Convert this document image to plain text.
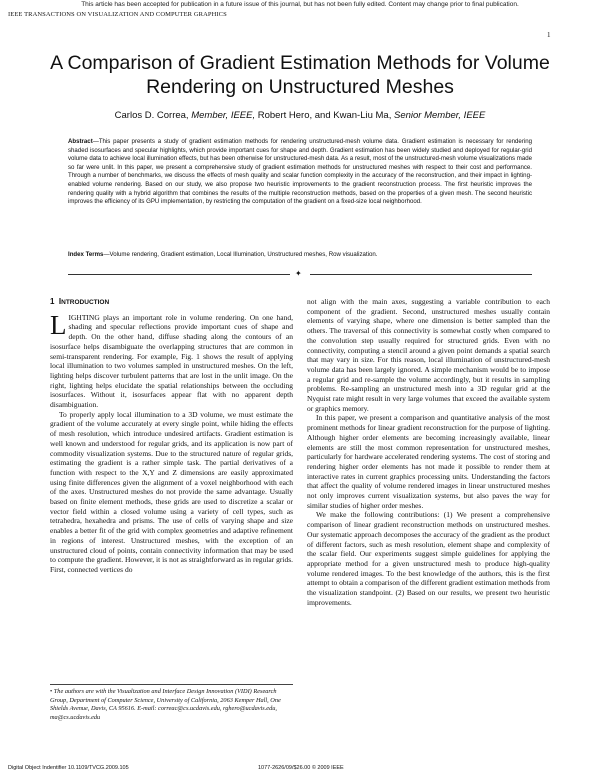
This article has been accepted for publication in a future issue of this journal, but has not been fully edited. Content may change prior to final publication.
IEEE TRANSACTIONS ON VISUALIZATION AND COMPUTER GRAPHICS
1
A Comparison of Gradient Estimation Methods for Volume
Rendering on Unstructured Meshes
Carlos D. Correa, Member, IEEE, Robert Hero, and Kwan-Liu Ma, Senior Member, IEEE
Abstract—This paper presents a study of gradient estimation methods for rendering unstructured-mesh volume data. Gradient estimation is necessary for rendering shaded isosurfaces and specular highlights, which provide important cues for shape and depth. Gradient estimation has been widely studied and deployed for regular-grid volume data to achieve local illumination effects, but has been otherwise for unstructured-mesh data. As a result, most of the unstructured-mesh volume visualizations made so far were unlit. In this paper, we present a comprehensive study of gradient estimation methods for unstructured meshes with respect to their cost and performance. Through a number of benchmarks, we discuss the effects of mesh quality and scalar function complexity in the accuracy of the reconstruction, and their impact in lighting-enabled volume rendering. Based on our study, we also propose two heuristic improvements to the gradient reconstruction process. The first heuristic improves the rendering quality with a hybrid algorithm that combines the results of the multiple reconstruction methods, based on the properties of a given mesh. The second heuristic improves the efficiency of its GPU implementation, by restricting the computation of the gradient on a fixed-size local neighborhood.
Index Terms—Volume rendering, Gradient estimation, Local Illumination, Unstructured meshes, Row visualization.
✦
1 INTRODUCTION

LIGHTING plays an important role in volume rendering. On one hand, shading and specular reflections provide important cues of shape and depth. On the other hand, diffuse shading along the contours of an isosurface helps disambiguate the overlapping structures that are common in semi-transparent rendering. For example, Fig. 1 shows the result of applying local illumination to two volumes sampled in unstructured meshes. On the left, lighting helps discover turbulent patterns that are lost in the unlit image. On the right, lighting helps elucidate the spatial relationships between the occluding isosurfaces. Without it, isosurfaces appear flat with no apparent depth disambiguation.

To properly apply local illumination to a 3D volume, we must estimate the gradient of the volume accurately at every single point, while hiding the effects of mesh resolution, which introduce undesired artifacts. Gradient estimation is well known and understood for regular grids, and its application is now part of commodity visualization systems. Due to the structured nature of regular grids, estimating the gradient is a rather simple task. The partial derivatives of a function with respect to the X,Y and Z dimensions are easily approximated using finite differences given the alignment of a voxel neighborhood with each of the axes. Unstructured meshes do not provide the same advantage. Usually based on finite element methods, these grids are used to discretize a scalar or vector field within a closed volume using a variety of cell types, such as tetrahedra, hexahedra and prisms. The use of cells of varying shape and size enables a better fit of the grid with complex geometries and adaptive refinement in regions of interest. Unstructured meshes, with the exception of an unstructured cloud of points, contain connectivity information that may be used to compute the gradient. However, it is not as straightforward as in regular grids. First, connected vertices do

• The authors are with the Visualization and Interface Design Innovation (VIDI) Research Group, Department of Computer Science, University of California, 2063 Kemper Hall, One Shields Avenue, Davis, CA 95616. E-mail: correac@cs.ucdavis.edu, rghero@ucdavis.edu, ma@cs.ucdavis.edu

not align with the main axes, suggesting a variable contribution to each component of the gradient. Second, unstructured meshes usually contain elements of varying shape, where one dimension is better sampled than the others. The traversal of this connectivity is somewhat costly when compared to the convolution step usually required for structured grids. Even with no connectivity, computing a stencil around a given point demands a spatial search that may vary in size. For this reason, local illumination of unstructured-mesh volume data has been largely ignored. A simple mechanism would be to impose a regular grid and re-sample the volume accordingly, but it results in sampling problems. Re-sampling an unstructured mesh into a 3D regular grid at the Nyquist rate might result in very large volumes that exceed the available system or graphics memory.

In this paper, we present a comparison and quantitative analysis of the most prominent methods for linear gradient reconstruction for the purpose of lighting. Although higher order elements are becoming increasingly available, linear elements are still the most common representation for unstructured meshes, particularly for hardware accelerated rendering systems. The cost of storing and rendering higher order elements has not made it possible to render them at interactive rates in current graphics processing units. Understanding the factors that affect the quality of volume rendered images in linear unstructured meshes not only improves current visualization systems, but also paves the way for similar studies of higher order meshes.

We make the following contributions: (1) We present a comprehensive comparison of linear gradient reconstruction methods on unstructured meshes. Our systematic approach decomposes the accuracy of the gradient as the product of different factors, such as mesh resolution, element shape and complexity of the scalar field. Our experiments suggest simple guidelines for applying the appropriate method for a given unstructured mesh to produce high-quality volume rendered images. To the best knowledge of the authors, this is the first attempt to obtain a comparison of the different gradient estimation methods from the visualization standpoint. (2) Based on our results, we present two heuristic improvements.

Digital Object Indentifier 10.1109/TVCG.2009.105	1077-2626/09/$26.00 © 2009 IEEE
